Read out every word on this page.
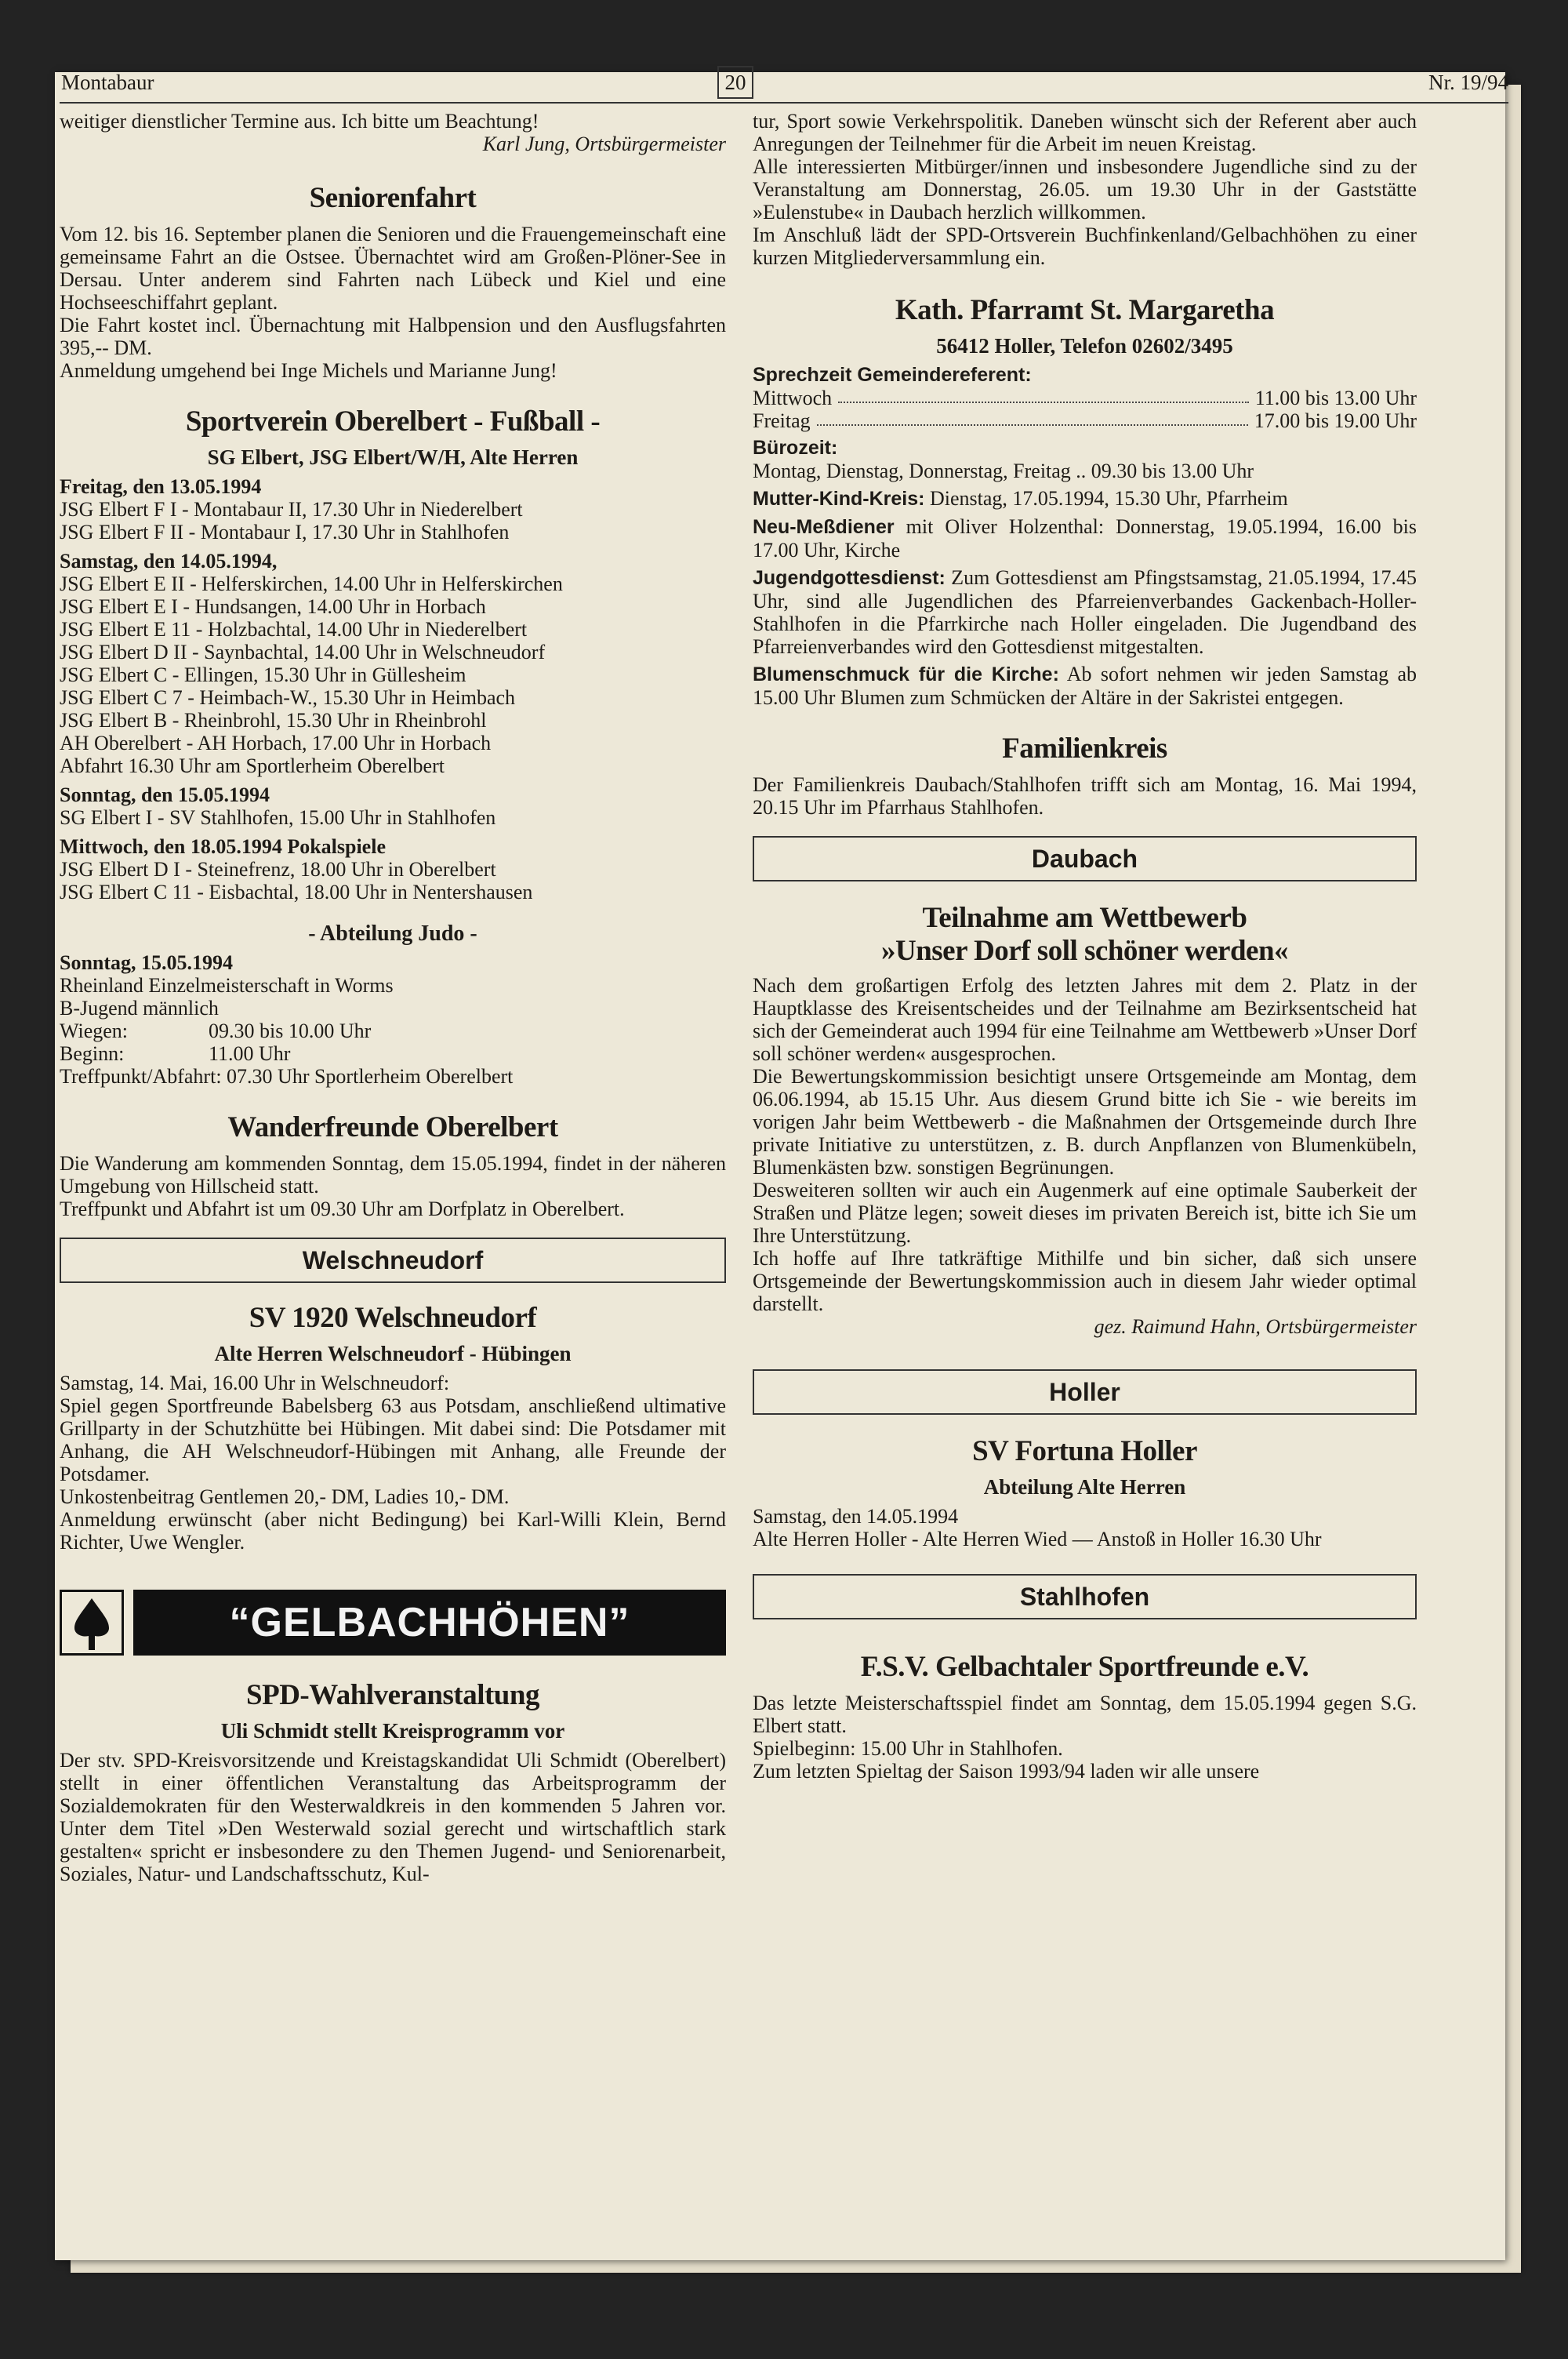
Montabaur	20	Nr. 19/94

weitiger dienstlicher Termine aus. Ich bitte um Beachtung!

Karl Jung, Ortsbürgermeister

Seniorenfahrt

Vom 12. bis 16. September planen die Senioren und die Frauengemeinschaft eine gemeinsame Fahrt an die Ostsee. Übernachtet wird am Großen-Plöner-See in Dersau. Unter anderem sind Fahrten nach Lübeck und Kiel und eine Hochseeschiffahrt geplant.

Die Fahrt kostet incl. Übernachtung mit Halbpension und den Ausflugsfahrten 395,-- DM.

Anmeldung umgehend bei Inge Michels und Marianne Jung!

Sportverein Oberelbert - Fußball -
SG Elbert, JSG Elbert/W/H, Alte Herren
Freitag, den 13.05.1994
JSG Elbert F I - Montabaur II, 17.30 Uhr in Niederelbert
JSG Elbert F II - Montabaur I, 17.30 Uhr in Stahlhofen
Samstag, den 14.05.1994,
JSG Elbert E II - Helferskirchen, 14.00 Uhr in Helferskirchen
JSG Elbert E I - Hundsangen, 14.00 Uhr in Horbach
JSG Elbert E 11 - Holzbachtal, 14.00 Uhr in Niederelbert
JSG Elbert D II - Saynbachtal, 14.00 Uhr in Welschneudorf
JSG Elbert C - Ellingen, 15.30 Uhr in Güllesheim
JSG Elbert C 7 - Heimbach-W., 15.30 Uhr in Heimbach
JSG Elbert B - Rheinbrohl, 15.30 Uhr in Rheinbrohl
AH Oberelbert - AH Horbach, 17.00 Uhr in Horbach
Abfahrt 16.30 Uhr am Sportlerheim Oberelbert
Sonntag, den 15.05.1994
SG Elbert I - SV Stahlhofen, 15.00 Uhr in Stahlhofen
Mittwoch, den 18.05.1994 Pokalspiele
JSG Elbert D I - Steinefrenz, 18.00 Uhr in Oberelbert
JSG Elbert C 11 - Eisbachtal, 18.00 Uhr in Nentershausen
- Abteilung Judo -
Sonntag, 15.05.1994
Rheinland Einzelmeisterschaft in Worms
B-Jugend männlich
Wiegen:	09.30 bis 10.00 Uhr
Beginn:	11.00 Uhr
Treffpunkt/Abfahrt: 07.30 Uhr Sportlerheim Oberelbert
Wanderfreunde Oberelbert

Die Wanderung am kommenden Sonntag, dem 15.05.1994, findet in der näheren Umgebung von Hillscheid statt.

Treffpunkt und Abfahrt ist um 09.30 Uhr am Dorfplatz in Oberelbert.

Welschneudorf
SV 1920 Welschneudorf
Alte Herren Welschneudorf - Hübingen

Samstag, 14. Mai, 16.00 Uhr in Welschneudorf:

Spiel gegen Sportfreunde Babelsberg 63 aus Potsdam, anschließend ultimative Grillparty in der Schutzhütte bei Hübingen. Mit dabei sind: Die Potsdamer mit Anhang, die AH Welschneudorf-Hübingen mit Anhang, alle Freunde der Potsdamer.

Unkostenbeitrag Gentlemen 20,- DM, Ladies 10,- DM.

Anmeldung erwünscht (aber nicht Bedingung) bei Karl-Willi Klein, Bernd Richter, Uwe Wengler.

“GELBACHHÖHEN”
SPD-Wahlveranstaltung
Uli Schmidt stellt Kreisprogramm vor

Der stv. SPD-Kreisvorsitzende und Kreistagskandidat Uli Schmidt (Oberelbert) stellt in einer öffentlichen Veranstaltung das Arbeitsprogramm der Sozialdemokraten für den Westerwaldkreis in den kommenden 5 Jahren vor. Unter dem Titel »Den Westerwald sozial gerecht und wirtschaftlich stark gestalten« spricht er insbesondere zu den Themen Jugend- und Seniorenarbeit, Soziales, Natur- und Landschaftsschutz, Kul-

tur, Sport sowie Verkehrspolitik. Daneben wünscht sich der Referent aber auch Anregungen der Teilnehmer für die Arbeit im neuen Kreistag.

Alle interessierten Mitbürger/innen und insbesondere Jugendliche sind zu der Veranstaltung am Donnerstag, 26.05. um 19.30 Uhr in der Gaststätte »Eulenstube« in Daubach herzlich willkommen.

Im Anschluß lädt der SPD-Ortsverein Buchfinkenland/Gelbachhöhen zu einer kurzen Mitgliederversammlung ein.

Kath. Pfarramt St. Margaretha
56412 Holler, Telefon 02602/3495
Sprechzeit Gemeindereferent:
Mittwoch	11.00 bis 13.00 Uhr
Freitag	17.00 bis 19.00 Uhr
Bürozeit:

Montag, Dienstag, Donnerstag, Freitag .. 09.30 bis 13.00 Uhr

Mutter-Kind-Kreis: Dienstag, 17.05.1994, 15.30 Uhr, Pfarrheim

Neu-Meßdiener mit Oliver Holzenthal: Donnerstag, 19.05.1994, 16.00 bis 17.00 Uhr, Kirche

Jugendgottesdienst: Zum Gottesdienst am Pfingstsamstag, 21.05.1994, 17.45 Uhr, sind alle Jugendlichen des Pfarreienverbandes Gackenbach-Holler-Stahlhofen in die Pfarrkirche nach Holler eingeladen. Die Jugendband des Pfarreienverbandes wird den Gottesdienst mitgestalten.

Blumenschmuck für die Kirche: Ab sofort nehmen wir jeden Samstag ab 15.00 Uhr Blumen zum Schmücken der Altäre in der Sakristei entgegen.

Familienkreis

Der Familienkreis Daubach/Stahlhofen trifft sich am Montag, 16. Mai 1994, 20.15 Uhr im Pfarrhaus Stahlhofen.

Daubach
Teilnahme am Wettbewerb
»Unser Dorf soll schöner werden«

Nach dem großartigen Erfolg des letzten Jahres mit dem 2. Platz in der Hauptklasse des Kreisentscheides und der Teilnahme am Bezirksentscheid hat sich der Gemeinderat auch 1994 für eine Teilnahme am Wettbewerb »Unser Dorf soll schöner werden« ausgesprochen.

Die Bewertungskommission besichtigt unsere Ortsgemeinde am Montag, dem 06.06.1994, ab 15.15 Uhr. Aus diesem Grund bitte ich Sie - wie bereits im vorigen Jahr beim Wettbewerb - die Maßnahmen der Ortsgemeinde durch Ihre private Initiative zu unterstützen, z. B. durch Anpflanzen von Blumenkübeln, Blumenkästen bzw. sonstigen Begrünungen.

Desweiteren sollten wir auch ein Augenmerk auf eine optimale Sauberkeit der Straßen und Plätze legen; soweit dieses im privaten Bereich ist, bitte ich Sie um Ihre Unterstützung.

Ich hoffe auf Ihre tatkräftige Mithilfe und bin sicher, daß sich unsere Ortsgemeinde der Bewertungskommission auch in diesem Jahr wieder optimal darstellt.

gez. Raimund Hahn, Ortsbürgermeister

Holler
SV Fortuna Holler
Abteilung Alte Herren

Samstag, den 14.05.1994

Alte Herren Holler - Alte Herren Wied — Anstoß in Holler 16.30 Uhr

Stahlhofen
F.S.V. Gelbachtaler Sportfreunde e.V.

Das letzte Meisterschaftsspiel findet am Sonntag, dem 15.05.1994 gegen S.G. Elbert statt.

Spielbeginn: 15.00 Uhr in Stahlhofen.

Zum letzten Spieltag der Saison 1993/94 laden wir alle unsere
